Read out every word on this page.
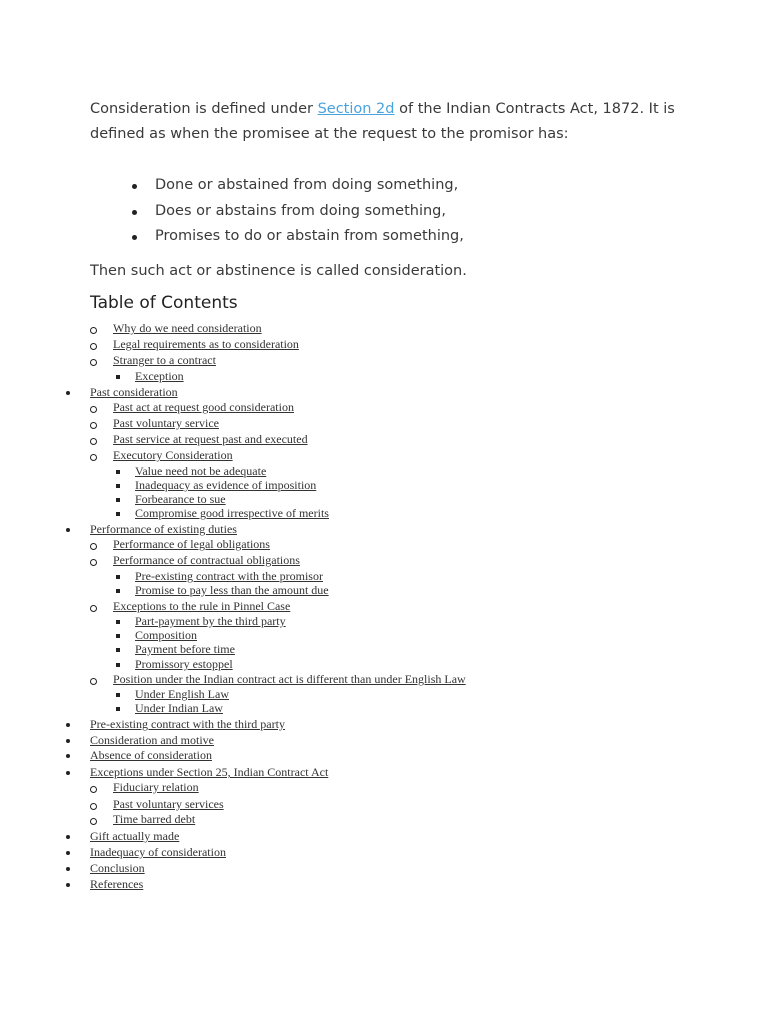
Consideration is defined under Section 2d of the Indian Contracts Act, 1872. It is defined as when the promisee at the request to the promisor has:
Done or abstained from doing something,
Does or abstains from doing something,
Promises to do or abstain from something,
Then such act or abstinence is called consideration.
Table of Contents
Why do we need consideration
Legal requirements as to consideration
Stranger to a contract
Exception
Past consideration
Past act at request good consideration
Past voluntary service
Past service at request past and executed
Executory Consideration
Value need not be adequate
Inadequacy as evidence of imposition
Forbearance to sue
Compromise good irrespective of merits
Performance of existing duties
Performance of legal obligations
Performance of contractual obligations
Pre-existing contract with the promisor
Promise to pay less than the amount due
Exceptions to the rule in Pinnel Case
Part-payment by the third party
Composition
Payment before time
Promissory estoppel
Position under the Indian contract act is different than under English Law
Under English Law
Under Indian Law
Pre-existing contract with the third party
Consideration and motive
Absence of consideration
Exceptions under Section 25, Indian Contract Act
Fiduciary relation
Past voluntary services
Time barred debt
Gift actually made
Inadequacy of consideration
Conclusion
References
